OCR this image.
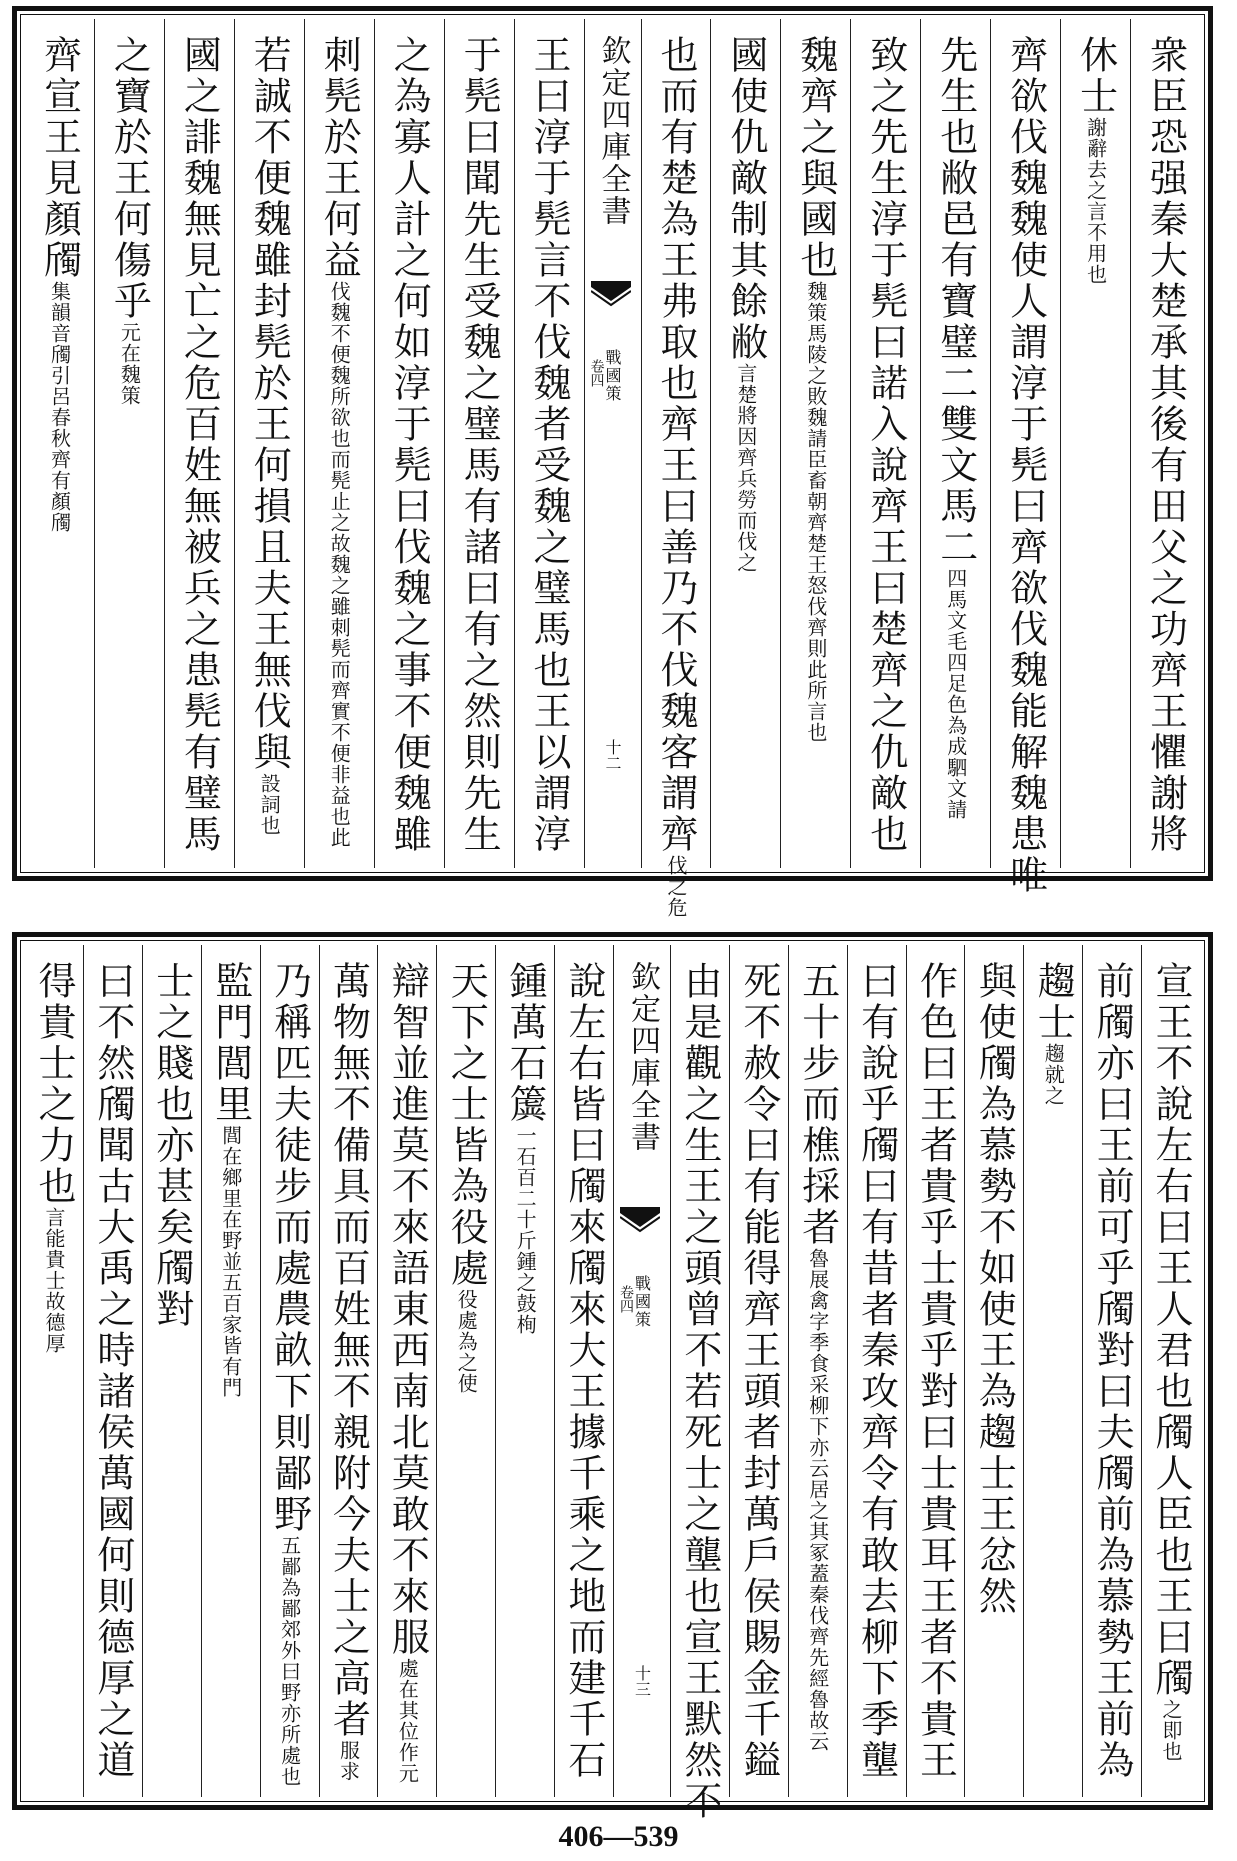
衆臣恐强秦大楚承其後有田父之功齊王懼謝將
休士謝辭去之言不用也
齊欲伐魏魏使人謂淳于髡曰齊欲伐魏能解魏患唯
先生也敝邑有寶璧二雙文馬二四馬文毛四足色為成駟文請
致之先生淳于髡曰諾入說齊王曰楚齊之仇敵也
魏齊之與國也魏策馬陵之敗魏請臣畜朝齊楚王怒伐齊則此所言也
國使仇敵制其餘敝言楚將因齊兵勞而伐之
也而有楚為王弗取也齊王曰善乃不伐魏客謂齊伐之危
欽定四庫全書
戰國策
卷四
十二
王曰淳于髡言不伐魏者受魏之璧馬也王以謂淳
于髡曰聞先生受魏之璧馬有諸曰有之然則先生
之為寡人計之何如淳于髡曰伐魏之事不便魏雖
刺髡於王何益伐魏不便魏所欲也而髡止之故魏之雖刺髡而齊實不便非益也此
若誠不便魏雖封髡於王何損且夫王無伐與設詞也
國之誹魏無見亡之危百姓無被兵之患髡有璧馬
之寶於王何傷乎元在魏策
齊宣王見顏斶集韻音斶引呂春秋齊有顏斶
宣王不說左右曰王人君也斶人臣也王曰斶之即也
前斶亦曰王前可乎斶對曰夫斶前為慕勢王前為
趨士趨就之
與使斶為慕勢不如使王為趨士王忿然
作色曰王者貴乎士貴乎對曰士貴耳王者不貴王
曰有說乎斶曰有昔者秦攻齊令有敢去柳下季壟
五十步而樵採者魯展禽字季食采柳下亦云居之其冢蓋秦伐齊先經魯故云
死不赦令曰有能得齊王頭者封萬戶侯賜金千鎰
由是觀之生王之頭曾不若死士之壟也宣王默然不
欽定四庫全書
戰國策
卷四
十三
說左右皆曰斶來斶來大王據千乘之地而建千石
鍾萬石簴一石百二十斤鍾之鼓栒
天下之士皆為役處役處為之使
辯智並進莫不來語東西南北莫敢不來服處在其位作元
萬物無不備具而百姓無不親附今夫士之高者服求
乃稱匹夫徒步而處農畝下則鄙野五鄙為鄙郊外曰野亦所處也
監門閭里閭在鄉里在野並五百家皆有門
士之賤也亦甚矣斶對
曰不然斶聞古大禹之時諸侯萬國何則德厚之道
得貴士之力也言能貴士故德厚
406—539
